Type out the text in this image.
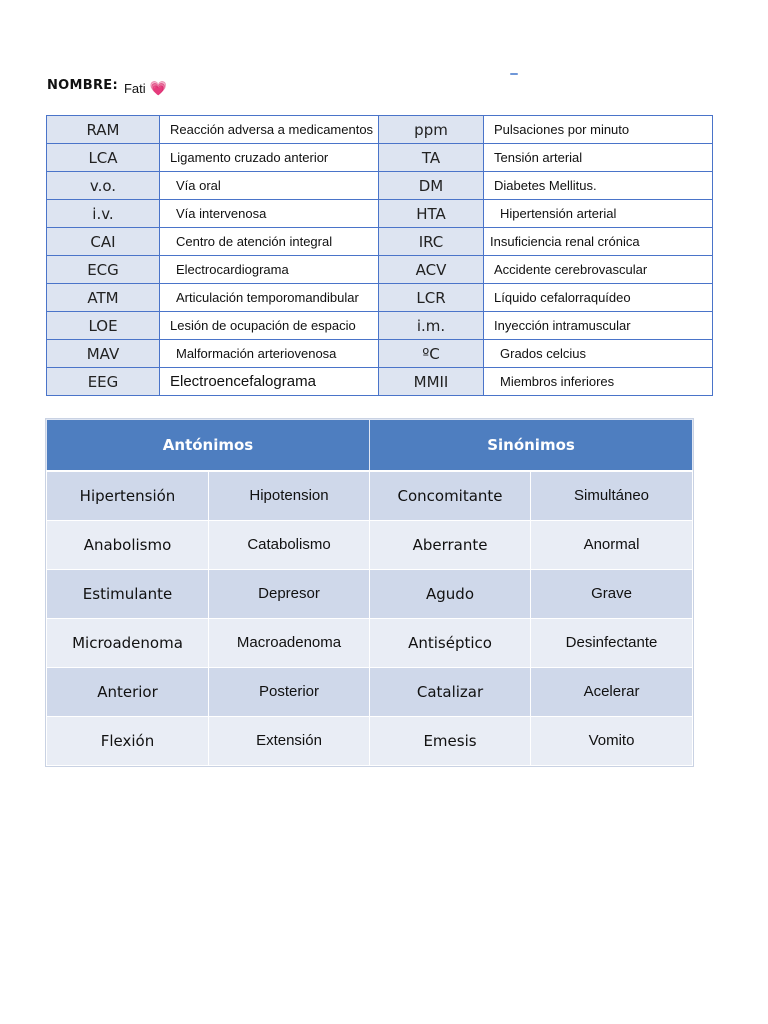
NOMBRE: Fati 💗
RAM	Reacción adversa a medicamentos	ppm	Pulsaciones por minuto
LCA	Ligamento cruzado anterior	TA	Tensión arterial
v.o.	Vía oral	DM	Diabetes Mellitus.
i.v.	Vía intervenosa	HTA	Hipertensión arterial
CAI	Centro de atención integral	IRC	Insuficiencia renal crónica
ECG	Electrocardiograma	ACV	Accidente cerebrovascular
ATM	Articulación temporomandibular	LCR	Líquido cefalorraquídeo
LOE	Lesión de ocupación de espacio	i.m.	Inyección intramuscular
MAV	Malformación arteriovenosa	ºC	Grados celcius
EEG	Electroencefalograma	MMII	Miembros inferiores
Antónimos		Sinónimos	
Hipertensión	Hipotension	Concomitante	Simultáneo
Anabolismo	Catabolismo	Aberrante	Anormal
Estimulante	Depresor	Agudo	Grave
Microadenoma	Macroadenoma	Antiséptico	Desinfectante
Anterior	Posterior	Catalizar	Acelerar
Flexión	Extensión	Emesis	Vomito
